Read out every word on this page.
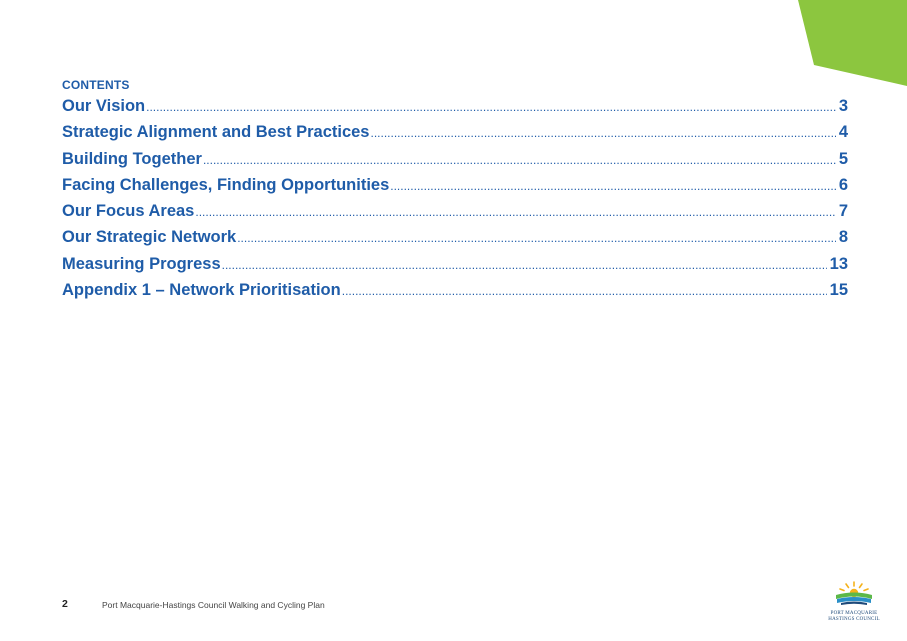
CONTENTS
Our Vision .....	3
Strategic Alignment and Best Practices .....	4
Building Together .....	5
Facing Challenges, Finding Opportunities .....	6
Our Focus Areas .....	7
Our Strategic Network .....	8
Measuring Progress .....	13
Appendix 1 – Network Prioritisation .....	15
2	Port Macquarie-Hastings Council Walking and Cycling Plan
PORT MACQUARIE
HASTINGS COUNCIL
